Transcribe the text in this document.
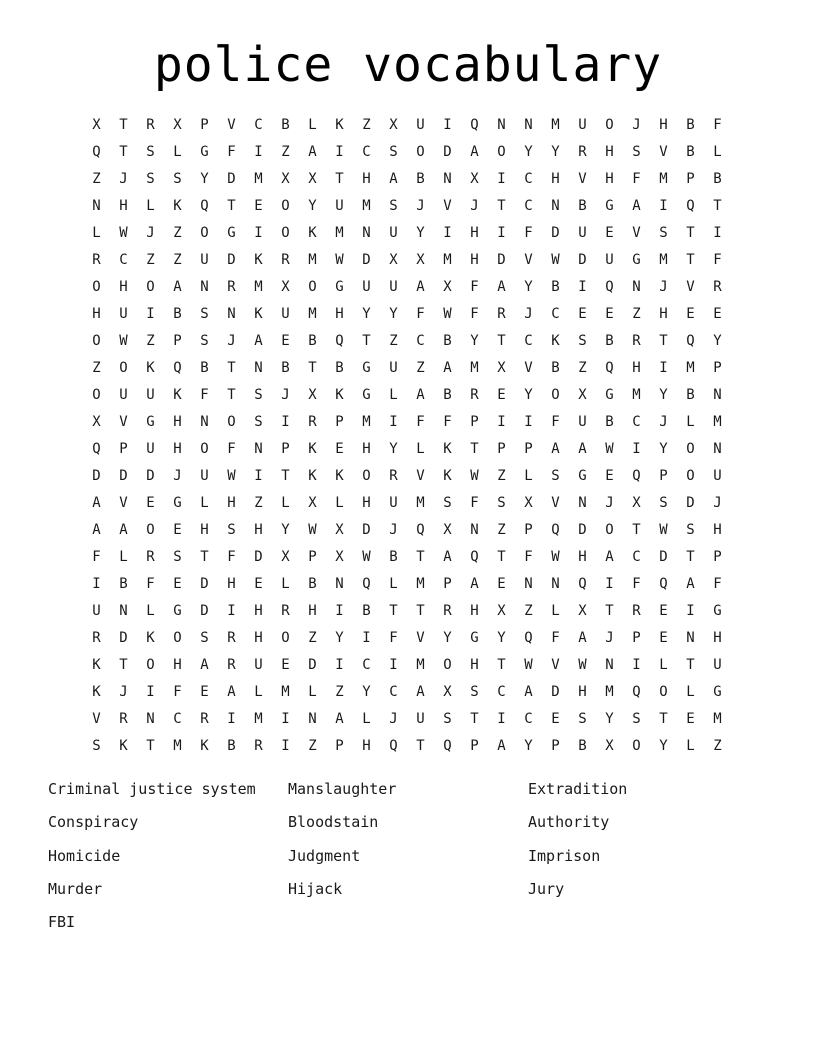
police vocabulary
X	T	R	X	P	V	C	B	L	K	Z	X	U	I	Q	N	N	M	U	O	J	H	B	F
Q	T	S	L	G	F	I	Z	A	I	C	S	O	D	A	O	Y	Y	R	H	S	V	B	L
Z	J	S	S	Y	D	M	X	X	T	H	A	B	N	X	I	C	H	V	H	F	M	P	B
N	H	L	K	Q	T	E	O	Y	U	M	S	J	V	J	T	C	N	B	G	A	I	Q	T
L	W	J	Z	O	G	I	O	K	M	N	U	Y	I	H	I	F	D	U	E	V	S	T	I
R	C	Z	Z	U	D	K	R	M	W	D	X	X	M	H	D	V	W	D	U	G	M	T	F
O	H	O	A	N	R	M	X	O	G	U	U	A	X	F	A	Y	B	I	Q	N	J	V	R
H	U	I	B	S	N	K	U	M	H	Y	Y	F	W	F	R	J	C	E	E	Z	H	E	E
O	W	Z	P	S	J	A	E	B	Q	T	Z	C	B	Y	T	C	K	S	B	R	T	Q	Y
Z	O	K	Q	B	T	N	B	T	B	G	U	Z	A	M	X	V	B	Z	Q	H	I	M	P
O	U	U	K	F	T	S	J	X	K	G	L	A	B	R	E	Y	O	X	G	M	Y	B	N
X	V	G	H	N	O	S	I	R	P	M	I	F	F	P	I	I	F	U	B	C	J	L	M
Q	P	U	H	O	F	N	P	K	E	H	Y	L	K	T	P	P	A	A	W	I	Y	O	N
D	D	D	J	U	W	I	T	K	K	O	R	V	K	W	Z	L	S	G	E	Q	P	O	U
A	V	E	G	L	H	Z	L	X	L	H	U	M	S	F	S	X	V	N	J	X	S	D	J
A	A	O	E	H	S	H	Y	W	X	D	J	Q	X	N	Z	P	Q	D	O	T	W	S	H
F	L	R	S	T	F	D	X	P	X	W	B	T	A	Q	T	F	W	H	A	C	D	T	P
I	B	F	E	D	H	E	L	B	N	Q	L	M	P	A	E	N	N	Q	I	F	Q	A	F
U	N	L	G	D	I	H	R	H	I	B	T	T	R	H	X	Z	L	X	T	R	E	I	G
R	D	K	O	S	R	H	O	Z	Y	I	F	V	Y	G	Y	Q	F	A	J	P	E	N	H
K	T	O	H	A	R	U	E	D	I	C	I	M	O	H	T	W	V	W	N	I	L	T	U
K	J	I	F	E	A	L	M	L	Z	Y	C	A	X	S	C	A	D	H	M	Q	O	L	G
V	R	N	C	R	I	M	I	N	A	L	J	U	S	T	I	C	E	S	Y	S	T	E	M
S	K	T	M	K	B	R	I	Z	P	H	Q	T	Q	P	A	Y	P	B	X	O	Y	L	Z
Criminal justice system	Manslaughter	Extradition
Conspiracy	Bloodstain	Authority
Homicide	Judgment	Imprison
Murder	Hijack	Jury
FBI
